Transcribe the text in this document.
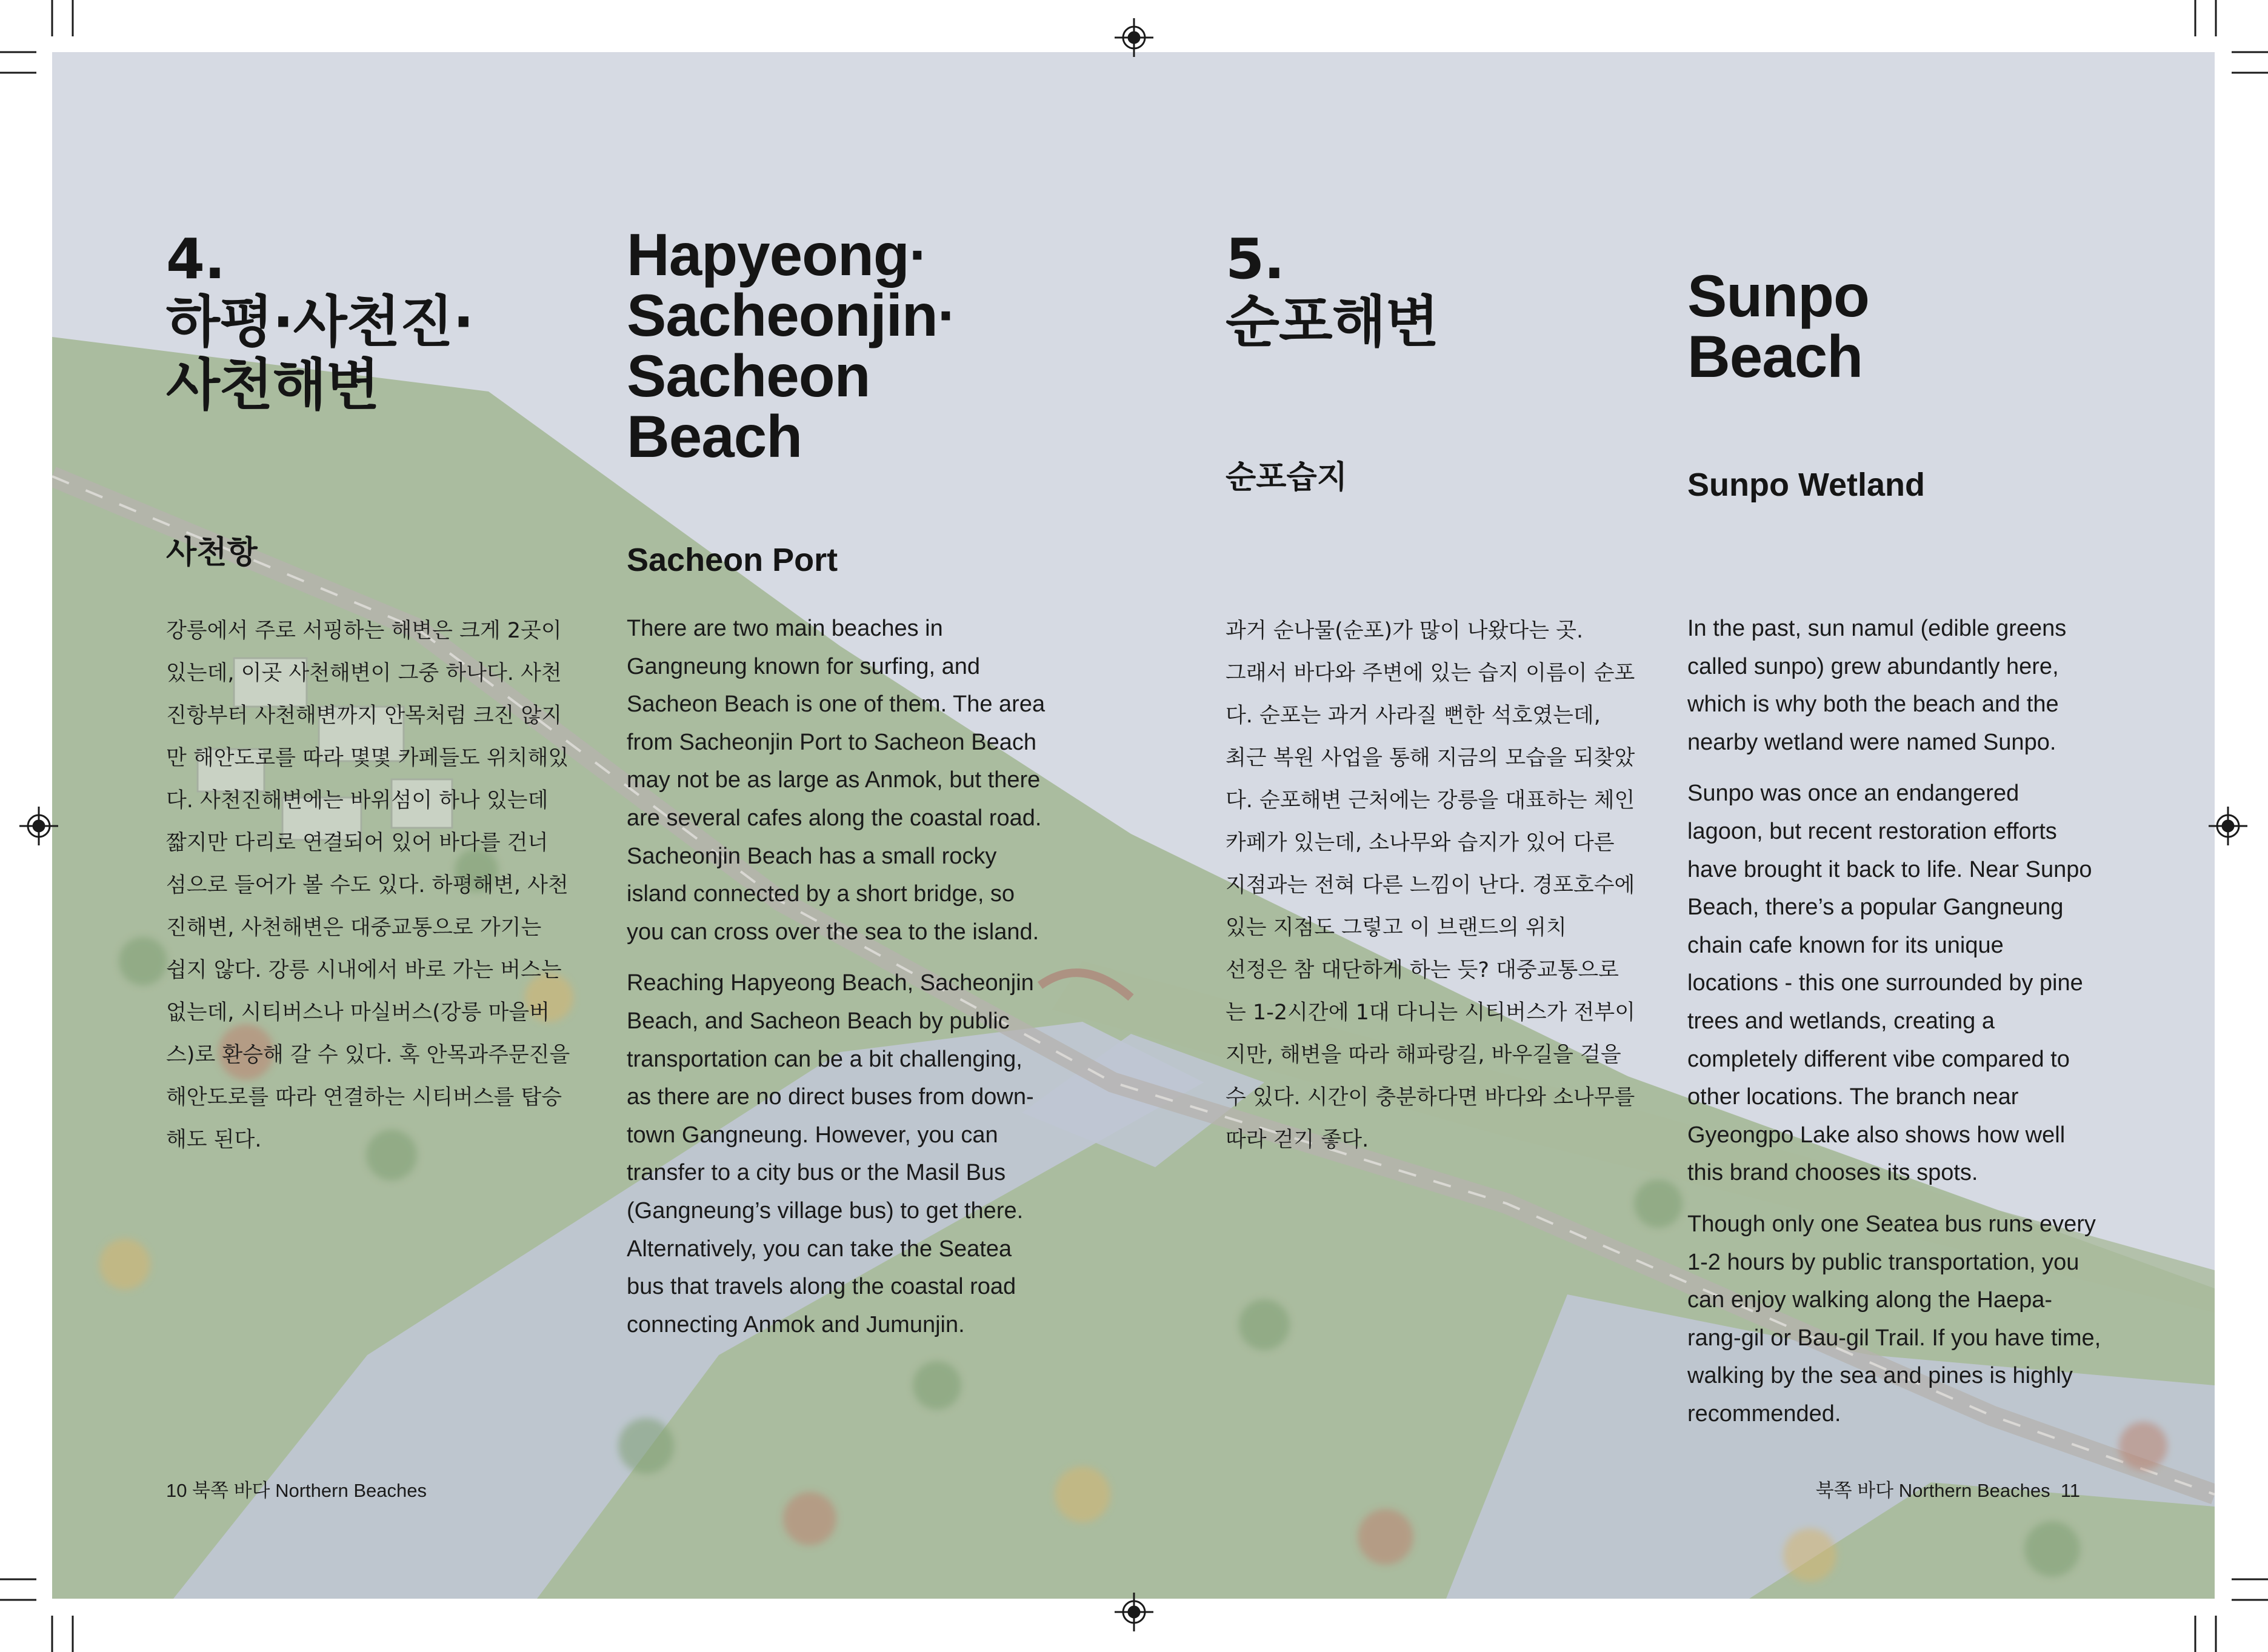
4.
하평·사천진·
사천해변
사천항

강릉에서 주로 서핑하는 해변은 크게 2곳이
있는데, 이곳 사천해변이 그중 하나다. 사천
진항부터 사천해변까지 안목처럼 크진 않지
만 해안도로를 따라 몇몇 카페들도 위치해있
다. 사천진해변에는 바위섬이 하나 있는데
짧지만 다리로 연결되어 있어 바다를 건너
섬으로 들어가 볼 수도 있다. 하평해변, 사천
진해변, 사천해변은 대중교통으로 가기는
쉽지 않다. 강릉 시내에서 바로 가는 버스는
없는데, 시티버스나 마실버스(강릉 마을버
스)로 환승해 갈 수 있다. 혹 안목과주문진을
해안도로를 따라 연결하는 시티버스를 탑승
해도 된다.

Hapyeong·
Sacheonjin·
Sacheon
Beach
Sacheon Port

There are two main beaches in
Gangneung known for surfing, and
Sacheon Beach is one of them. The area
from Sacheonjin Port to Sacheon Beach
may not be as large as Anmok, but there
are several cafes along the coastal road.
Sacheonjin Beach has a small rocky
island connected by a short bridge, so
you can cross over the sea to the island.

Reaching Hapyeong Beach, Sacheonjin
Beach, and Sacheon Beach by public
transportation can be a bit challenging,
as there are no direct buses from down-
town Gangneung. However, you can
transfer to a city bus or the Masil Bus
(Gangneung’s village bus) to get there.
Alternatively, you can take the Seatea
bus that travels along the coastal road
connecting Anmok and Jumunjin.

5.
순포해변
순포습지

과거 순나물(순포)가 많이 나왔다는 곳.
그래서 바다와 주변에 있는 습지 이름이 순포
다. 순포는 과거 사라질 뻔한 석호였는데,
최근 복원 사업을 통해 지금의 모습을 되찾았
다. 순포해변 근처에는 강릉을 대표하는 체인
카페가 있는데, 소나무와 습지가 있어 다른
지점과는 전혀 다른 느낌이 난다. 경포호수에
있는 지점도 그렇고 이 브랜드의 위치
선정은 참 대단하게 하는 듯? 대중교통으로
는 1-2시간에 1대 다니는 시티버스가 전부이
지만, 해변을 따라 해파랑길, 바우길을 걸을
수 있다. 시간이 충분하다면 바다와 소나무를
따라 걷기 좋다.

Sunpo
Beach
Sunpo Wetland

In the past, sun namul (edible greens
called sunpo) grew abundantly here,
which is why both the beach and the
nearby wetland were named Sunpo.

Sunpo was once an endangered
lagoon, but recent restoration efforts
have brought it back to life. Near Sunpo
Beach, there’s a popular Gangneung
chain cafe known for its unique
locations - this one surrounded by pine
trees and wetlands, creating a
completely different vibe compared to
other locations. The branch near
Gyeongpo Lake also shows how well
this brand chooses its spots.

Though only one Seatea bus runs every
1-2 hours by public transportation, you
can enjoy walking along the Haepa-
rang-gil or Bau-gil Trail. If you have time,
walking by the sea and pines is highly
recommended.

10 북쪽 바다 Northern Beaches	북쪽 바다 Northern Beaches  11
